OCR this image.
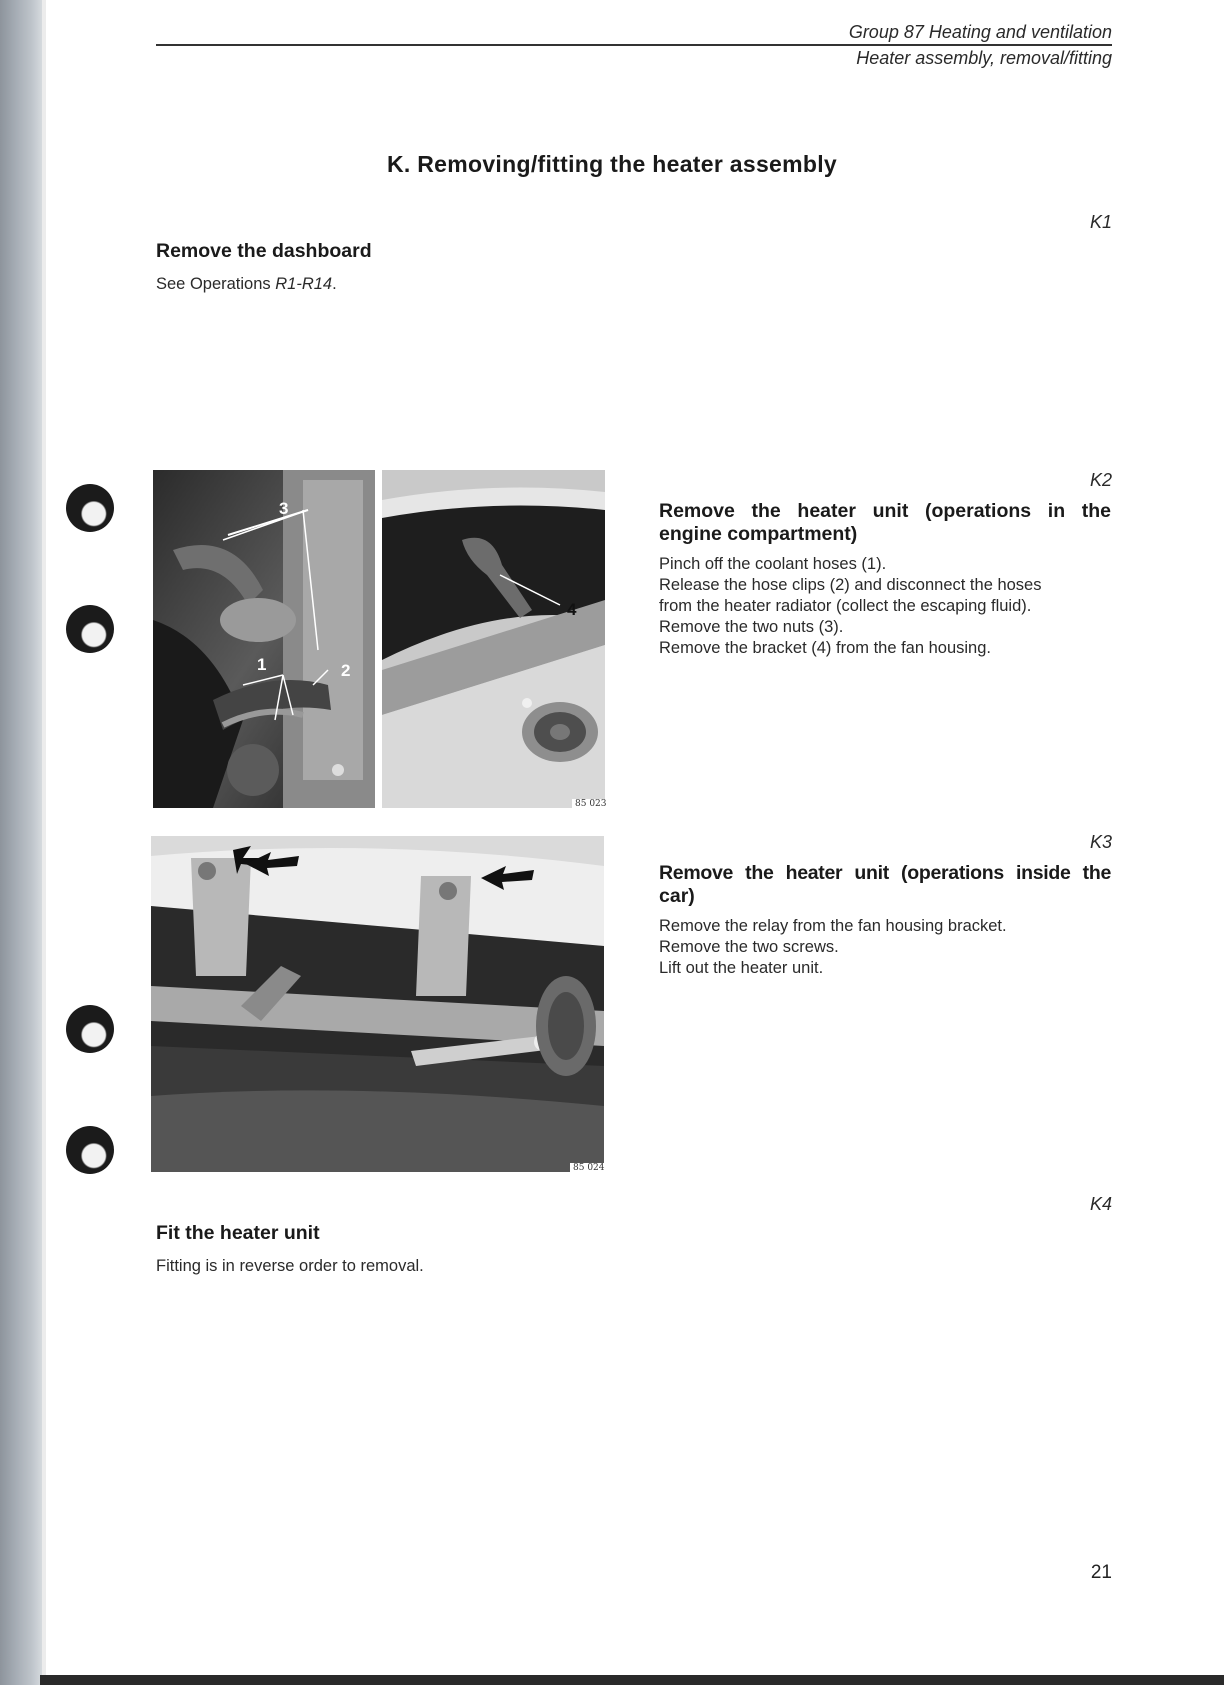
Group 87 Heating and ventilation
Heater assembly, removal/fitting
K. Removing/fitting the heater assembly
K1
Remove the dashboard

See Operations R1-R14.

3
1	2
4
85 023
K2
Remove the heater unit (operations in the
engine compartment)

Pinch off the coolant hoses (1).

Release the hose clips (2) and disconnect the hoses

from the heater radiator (collect the escaping fluid).

Remove the two nuts (3).

Remove the bracket (4) from the fan housing.

85 024
K3
Remove the heater unit (operations inside the
car)

Remove the relay from the fan housing bracket.

Remove the two screws.

Lift out the heater unit.

K4
Fit the heater unit

Fitting is in reverse order to removal.

21
